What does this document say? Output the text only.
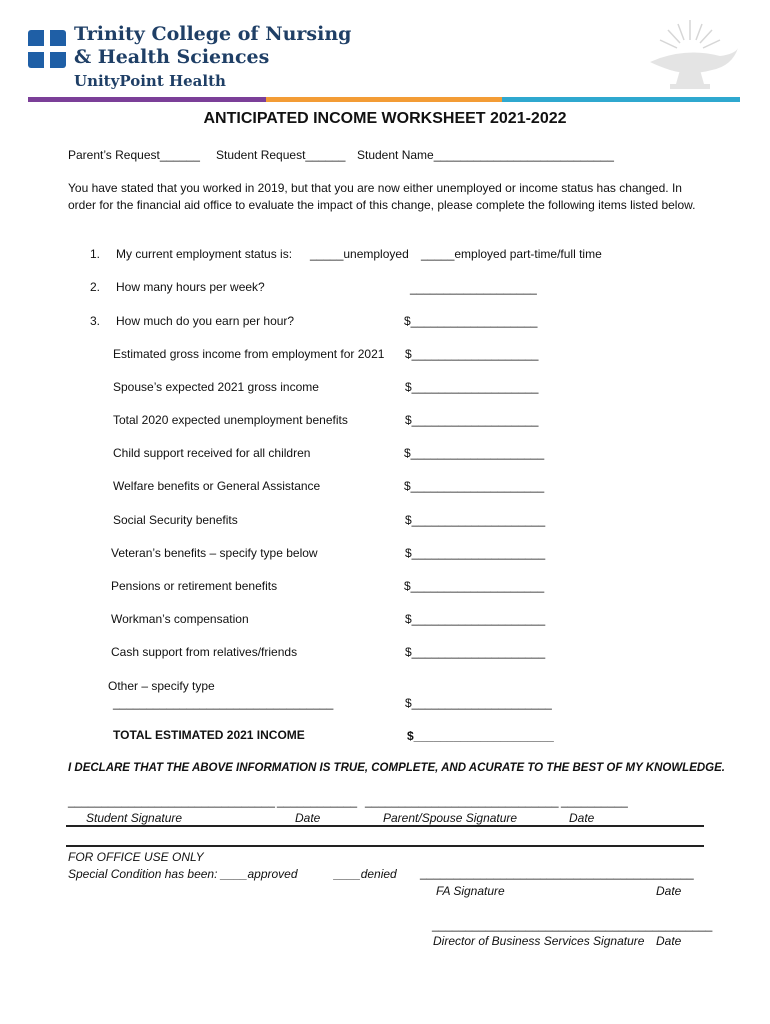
Trinity College of Nursing
& Health Sciences
UnityPoint Health
ANTICIPATED INCOME WORKSHEET 2021-2022
Parent’s Request______ Student Request______ Student Name___________________________
You have stated that you worked in 2019, but that you are now either unemployed or income status has changed. In order for the financial aid office to evaluate the impact of this change, please complete the following items listed below.
1. My current employment status is: _____unemployed _____employed part-time/full time
2. How many hours per week?	___________________
3. How much do you earn per hour?	$___________________
Estimated gross income from employment for 2021 $___________________
Spouse’s expected 2021 gross income	$___________________
Total 2020 expected unemployment benefits	$___________________
Child support received for all children	$____________________
Welfare benefits or General Assistance	$____________________
Social Security benefits	$____________________
Veteran’s benefits – specify type below	$____________________
Pensions or retirement benefits	$____________________
Workman’s compensation	$____________________
Cash support from relatives/friends	$____________________
Other – specify type
_________________________________	$_____________________
TOTAL ESTIMATED 2021 INCOME	$_____________________
I DECLARE THAT THE ABOVE INFORMATION IS TRUE, COMPLETE, AND ACURATE TO THE BEST OF MY KNOWLEDGE.
_______________________________ ____________ _____________________________ __________
Student Signature	Date	Parent/Spouse Signature	Date
FOR OFFICE USE ONLY
Special Condition has been: ____approved	____denied _________________________________________
FA Signature	Date
__________________________________________
Director of Business Services Signature Date
